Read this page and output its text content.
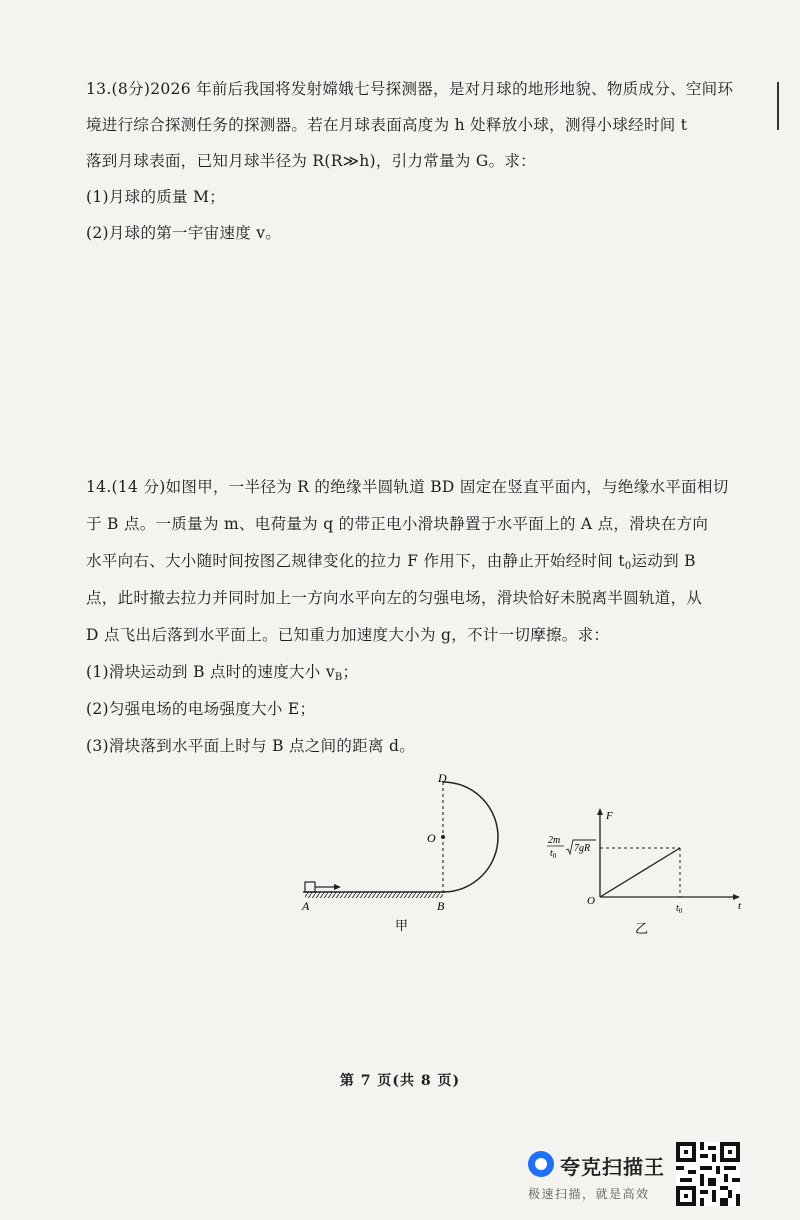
13.(8分)2026 年前后我国将发射嫦娥七号探测器，是对月球的地形地貌、物质成分、空间环
境进行综合探测任务的探测器。若在月球表面高度为 h 处释放小球，测得小球经时间 t
落到月球表面，已知月球半径为 R(R≫h)，引力常量为 G。求：
(1)月球的质量 M；
(2)月球的第一宇宙速度 v。
14.(14 分)如图甲，一半径为 R 的绝缘半圆轨道 BD 固定在竖直平面内，与绝缘水平面相切
于 B 点。一质量为 m、电荷量为 q 的带正电小滑块静置于水平面上的 A 点，滑块在方向
水平向右、大小随时间按图乙规律变化的拉力 F 作用下，由静止开始经时间 $t_0$运动到 B
点，此时撤去拉力并同时加上一方向水平向左的匀强电场，滑块恰好未脱离半圆轨道，从
D 点飞出后落到水平面上。已知重力加速度大小为 g，不计一切摩擦。求：
(1)滑块运动到 B 点时的速度大小 $v_B$；
(2)匀强电场的电场强度大小 E；
(3)滑块落到水平面上时与 B 点之间的距离 d。
D
O
A	B
甲
F
t
O
$t_0$
2m
$t_0$
7gR
乙
第 7 页(共 8 页)
夸克扫描王
极速扫描，就是高效
